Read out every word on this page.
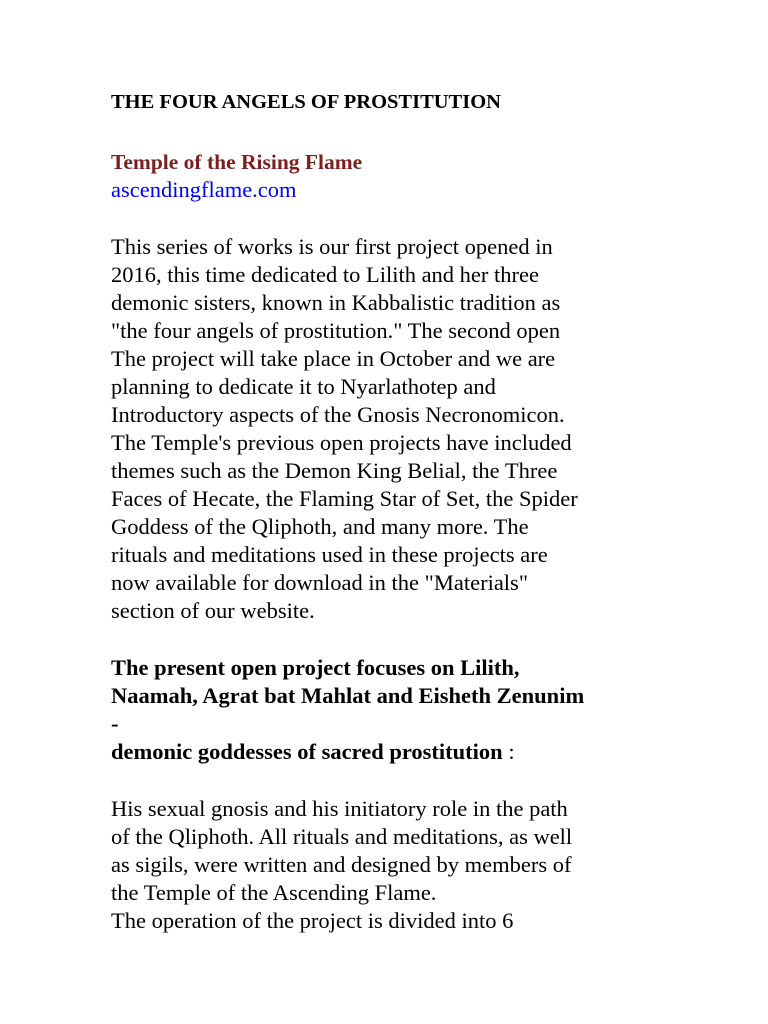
THE FOUR ANGELS OF PROSTITUTION
Temple of the Rising Flame
ascendingflame.com
This series of works is our first project opened in
2016, this time dedicated to Lilith and her three
demonic sisters, known in Kabbalistic tradition as
"the four angels of prostitution." The second open
The project will take place in October and we are
planning to dedicate it to Nyarlathotep and
Introductory aspects of the Gnosis Necronomicon.
The Temple's previous open projects have included
themes such as the Demon King Belial, the Three
Faces of Hecate, the Flaming Star of Set, the Spider
Goddess of the Qliphoth, and many more. The
rituals and meditations used in these projects are
now available for download in the "Materials"
section of our website.
The present open project focuses on Lilith,
Naamah, Agrat bat Mahlat and Eisheth Zenunim
-
demonic goddesses of sacred prostitution :
His sexual gnosis and his initiatory role in the path
of the Qliphoth. All rituals and meditations, as well
as sigils, were written and designed by members of
the Temple of the Ascending Flame.
The operation of the project is divided into 6
